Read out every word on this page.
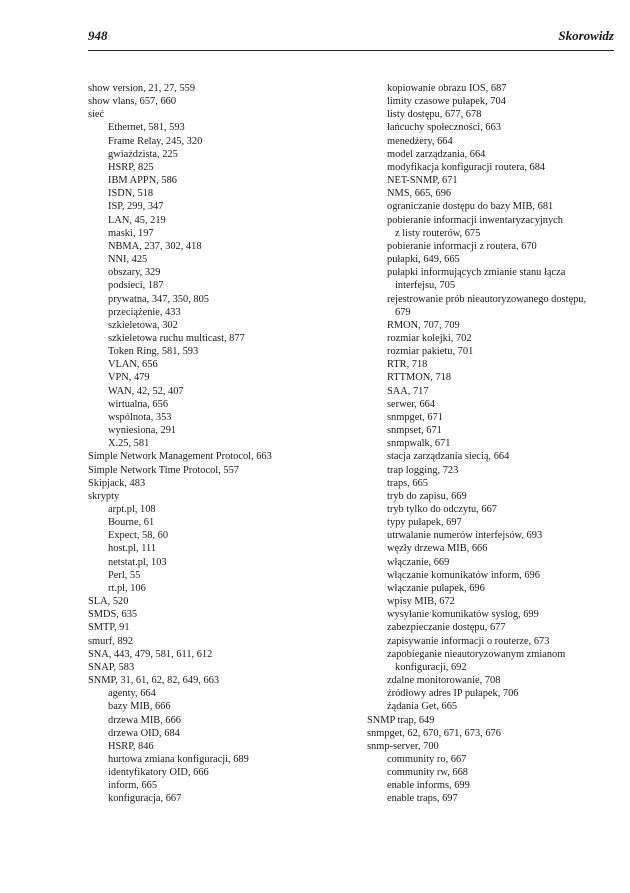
948	Skorowidz
show version, 21, 27, 559
show vlans, 657, 660
sieć
Ethernet, 581, 593
Frame Relay, 245, 320
gwiaździsta, 225
HSRP, 825
IBM APPN, 586
ISDN, 518
ISP, 299, 347
LAN, 45, 219
maski, 197
NBMA, 237, 302, 418
NNI, 425
obszary, 329
podsieci, 187
prywatna, 347, 350, 805
przeciążenie, 433
szkieletowa, 302
szkieletowa ruchu multicast, 877
Token Ring, 581, 593
VLAN, 656
VPN, 479
WAN, 42, 52, 407
wirtualna, 656
wspólnota, 353
wyniesiona, 291
X.25, 581
Simple Network Management Protocol, 663
Simple Network Time Protocol, 557
Skipjack, 483
skrypty
arpt.pl, 108
Bourne, 61
Expect, 58, 60
host.pl, 111
netstat.pl, 103
Perl, 55
rt.pl, 106
SLA, 520
SMDS, 635
SMTP, 91
smurf, 892
SNA, 443, 479, 581, 611, 612
SNAP, 583
SNMP, 31, 61, 62, 82, 649, 663
agenty, 664
bazy MIB, 666
drzewa MIB, 666
drzewa OID, 684
HSRP, 846
hurtowa zmiana konfiguracji, 689
identyfikatory OID, 666
inform, 665
konfiguracja, 667
kopiowanie obrazu IOS, 687
limity czasowe pułapek, 704
listy dostępu, 677, 678
łańcuchy społeczności, 663
menedżery, 664
model zarządzania, 664
modyfikacja konfiguracji routera, 684
NET-SNMP, 671
NMS, 665, 696
ograniczanie dostępu do bazy MIB, 681
pobieranie informacji inwentaryzacyjnych
z listy routerów, 675
pobieranie informacji z routera, 670
pułapki, 649, 665
pułapki informujących zmianie stanu łącza
interfejsu, 705
rejestrowanie prób nieautoryzowanego dostępu,
679
RMON, 707, 709
rozmiar kolejki, 702
rozmiar pakietu, 701
RTR, 718
RTTMON, 718
SAA, 717
serwer, 664
snmpget, 671
snmpset, 671
snmpwalk, 671
stacja zarządzania siecią, 664
trap logging, 723
traps, 665
tryb do zapisu, 669
tryb tylko do odczytu, 667
typy pułapek, 697
utrwalanie numerów interfejsów, 693
węzły drzewa MIB, 666
włączanie, 669
włączanie komunikatów inform, 696
włączanie pułapek, 696
wpisy MIB, 672
wysyłanie komunikatów syslog, 699
zabezpieczanie dostępu, 677
zapisywanie informacji o routerze, 673
zapobieganie nieautoryzowanym zmianom
konfiguracji, 692
zdalne monitorowanie, 708
źródłowy adres IP pułapek, 706
żądania Get, 665
SNMP trap, 649
snmpget, 62, 670, 671, 673, 676
snmp-server, 700
community ro, 667
community rw, 668
enable informs, 699
enable traps, 697
